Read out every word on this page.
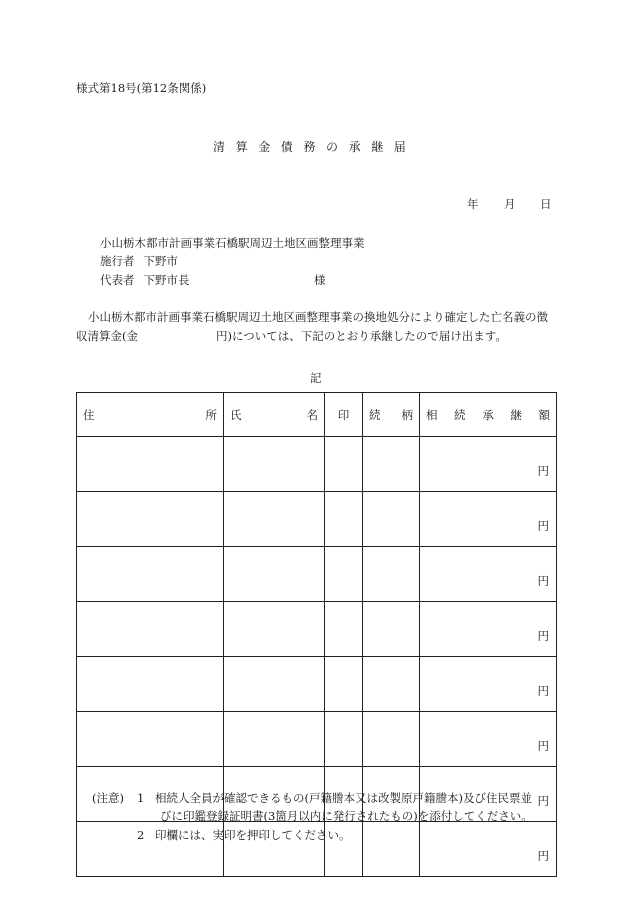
様式第18号(第12条関係)
清算金債務の承継届
年 月 日
小山栃木都市計画事業石橋駅周辺土地区画整理事業
施行者 下野市
代表者 下野市長	様
小山栃木都市計画事業石橋駅周辺土地区画整理事業の換地処分により確定した亡名義の徴収清算金(金	円)については、下記のとおり承継したので届け出ます。
記
住 所	氏 名	印	続 柄	相 続 承 継 額

				円
				円
				円
				円
				円
				円
				円
				円
(注意) 1 相続人全員が確認できるもの(戸籍謄本又は改製原戸籍謄本)及び住民票並
びに印鑑登録証明書(3箇月以内に発行されたもの)を添付してください。
2 印欄には、実印を押印してください。
